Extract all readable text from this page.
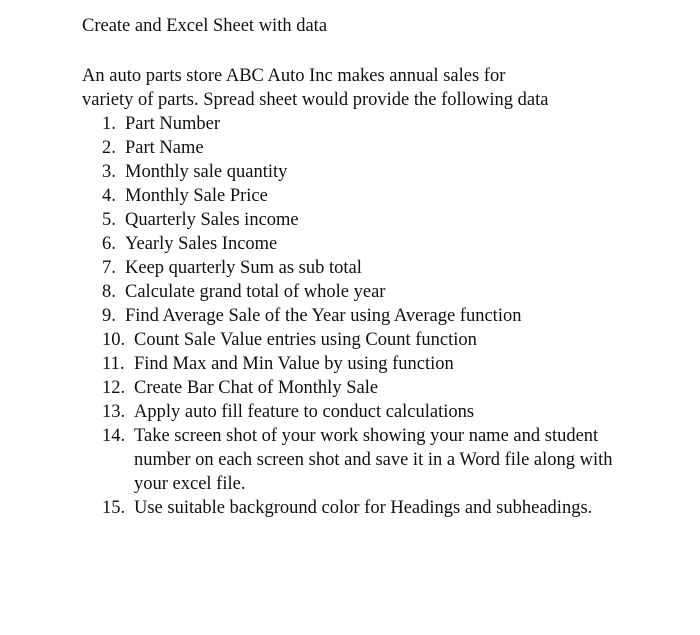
Create and Excel Sheet with data
An auto parts store ABC Auto Inc makes annual sales for
variety of parts. Spread sheet would provide the following data
1. Part Number
2. Part Name
3. Monthly sale quantity
4. Monthly Sale Price
5. Quarterly Sales income
6. Yearly Sales Income
7. Keep quarterly Sum as sub total
8. Calculate grand total of whole year
9. Find Average Sale of the Year using Average function
10. Count Sale Value entries using Count function
11. Find Max and Min Value by using function
12. Create Bar Chat of Monthly Sale
13. Apply auto fill feature to conduct calculations
14. Take screen shot of your work showing your name and student number on each screen shot and save it in a Word file along with your excel file.
15. Use suitable background color for Headings and subheadings.
